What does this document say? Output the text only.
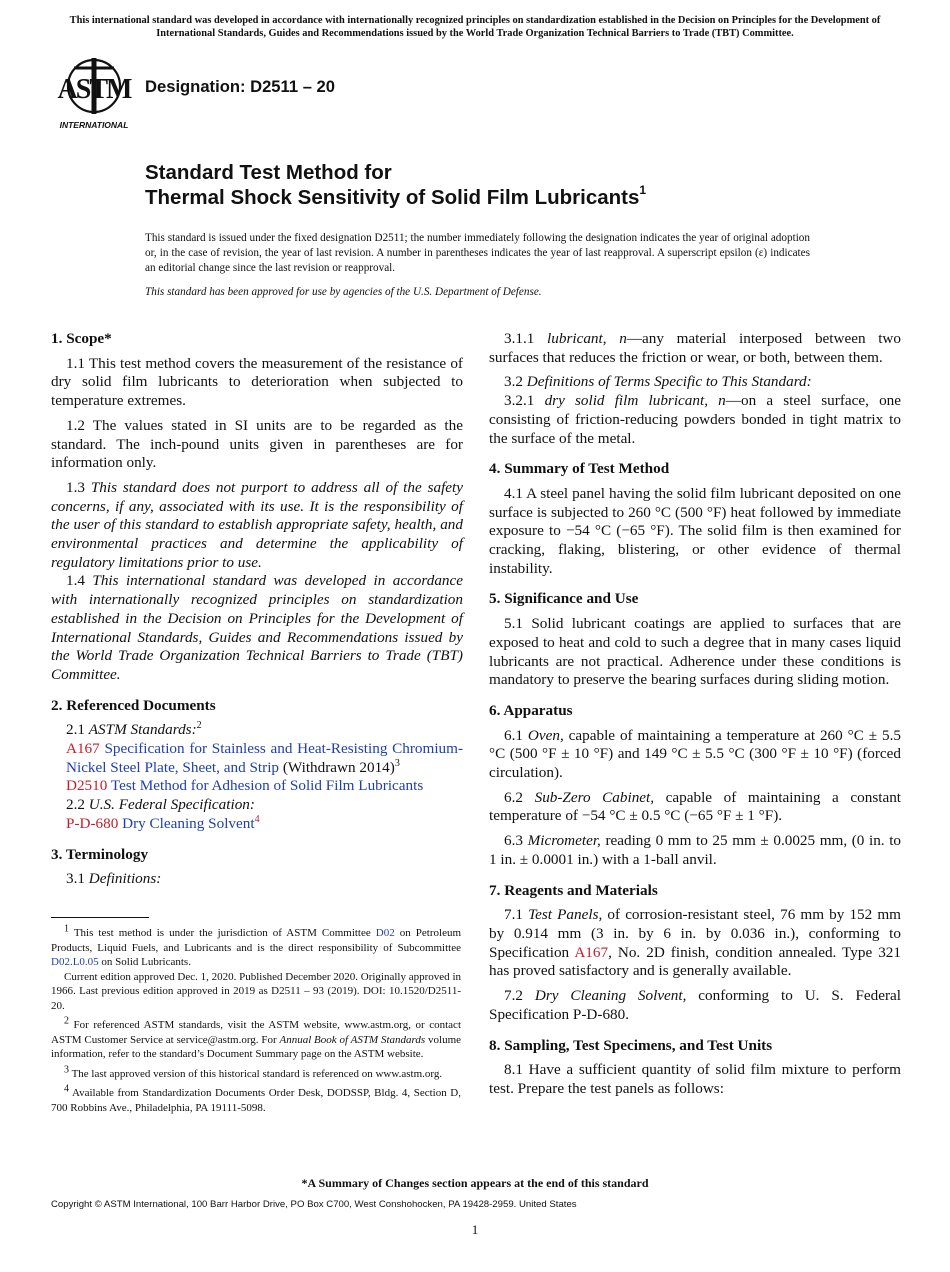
This international standard was developed in accordance with internationally recognized principles on standardization established in the Decision on Principles for the Development of International Standards, Guides and Recommendations issued by the World Trade Organization Technical Barriers to Trade (TBT) Committee.
ASTM
INTERNATIONAL
Designation: D2511 – 20
Standard Test Method for
Thermal Shock Sensitivity of Solid Film Lubricants$^1$
This standard is issued under the fixed designation D2511; the number immediately following the designation indicates the year of original adoption or, in the case of revision, the year of last revision. A number in parentheses indicates the year of last reapproval. A superscript epsilon (ε) indicates an editorial change since the last revision or reapproval.
This standard has been approved for use by agencies of the U.S. Department of Defense.
1. Scope*

1.1 This test method covers the measurement of the resistance of dry solid film lubricants to deterioration when subjected to temperature extremes.

1.2 The values stated in SI units are to be regarded as the standard. The inch-pound units given in parentheses are for information only.

1.3 This standard does not purport to address all of the safety concerns, if any, associated with its use. It is the responsibility of the user of this standard to establish appropriate safety, health, and environmental practices and determine the applicability of regulatory limitations prior to use.

1.4 This international standard was developed in accordance with internationally recognized principles on standardization established in the Decision on Principles for the Development of International Standards, Guides and Recommendations issued by the World Trade Organization Technical Barriers to Trade (TBT) Committee.

2. Referenced Documents

2.1 ASTM Standards:$^2$

A167 Specification for Stainless and Heat-Resisting Chromium-Nickel Steel Plate, Sheet, and Strip (Withdrawn 2014)$^3$

D2510 Test Method for Adhesion of Solid Film Lubricants

2.2 U.S. Federal Specification:

P-D-680 Dry Cleaning Solvent$^4$

3. Terminology

3.1 Definitions:

3.1.1 lubricant, n—any material interposed between two surfaces that reduces the friction or wear, or both, between them.

3.2 Definitions of Terms Specific to This Standard:

3.2.1 dry solid film lubricant, n—on a steel surface, one consisting of friction-reducing powders bonded in tight matrix to the surface of the metal.

4. Summary of Test Method

4.1 A steel panel having the solid film lubricant deposited on one surface is subjected to 260 °C (500 °F) heat followed by immediate exposure to −54 °C (−65 °F). The solid film is then examined for cracking, flaking, blistering, or other evidence of thermal instability.

5. Significance and Use

5.1 Solid lubricant coatings are applied to surfaces that are exposed to heat and cold to such a degree that in many cases liquid lubricants are not practical. Adherence under these conditions is mandatory to preserve the bearing surfaces during sliding motion.

6. Apparatus

6.1 Oven, capable of maintaining a temperature at 260 °C ± 5.5 °C (500 °F ± 10 °F) and 149 °C ± 5.5 °C (300 °F ± 10 °F) (forced circulation).

6.2 Sub-Zero Cabinet, capable of maintaining a constant temperature of −54 °C ± 0.5 °C (−65 °F ± 1 °F).

6.3 Micrometer, reading 0 mm to 25 mm ± 0.0025 mm, (0 in. to 1 in. ± 0.0001 in.) with a 1-ball anvil.

7. Reagents and Materials

7.1 Test Panels, of corrosion-resistant steel, 76 mm by 152 mm by 0.914 mm (3 in. by 6 in. by 0.036 in.), conforming to Specification A167, No. 2D finish, condition annealed. Type 321 has proved satisfactory and is generally available.

7.2 Dry Cleaning Solvent, conforming to U. S. Federal Specification P-D-680.

8. Sampling, Test Specimens, and Test Units

8.1 Have a sufficient quantity of solid film mixture to perform test. Prepare the test panels as follows:

$^1$ This test method is under the jurisdiction of ASTM Committee D02 on Petroleum Products, Liquid Fuels, and Lubricants and is the direct responsibility of Subcommittee D02.L0.05 on Solid Lubricants.

Current edition approved Dec. 1, 2020. Published December 2020. Originally approved in 1966. Last previous edition approved in 2019 as D2511 – 93 (2019). DOI: 10.1520/D2511-20.

$^2$ For referenced ASTM standards, visit the ASTM website, www.astm.org, or contact ASTM Customer Service at service@astm.org. For Annual Book of ASTM Standards volume information, refer to the standard’s Document Summary page on the ASTM website.

$^3$ The last approved version of this historical standard is referenced on www.astm.org.

$^4$ Available from Standardization Documents Order Desk, DODSSP, Bldg. 4, Section D, 700 Robbins Ave., Philadelphia, PA 19111-5098.

*A Summary of Changes section appears at the end of this standard
Copyright © ASTM International, 100 Barr Harbor Drive, PO Box C700, West Conshohocken, PA 19428-2959. United States
1
